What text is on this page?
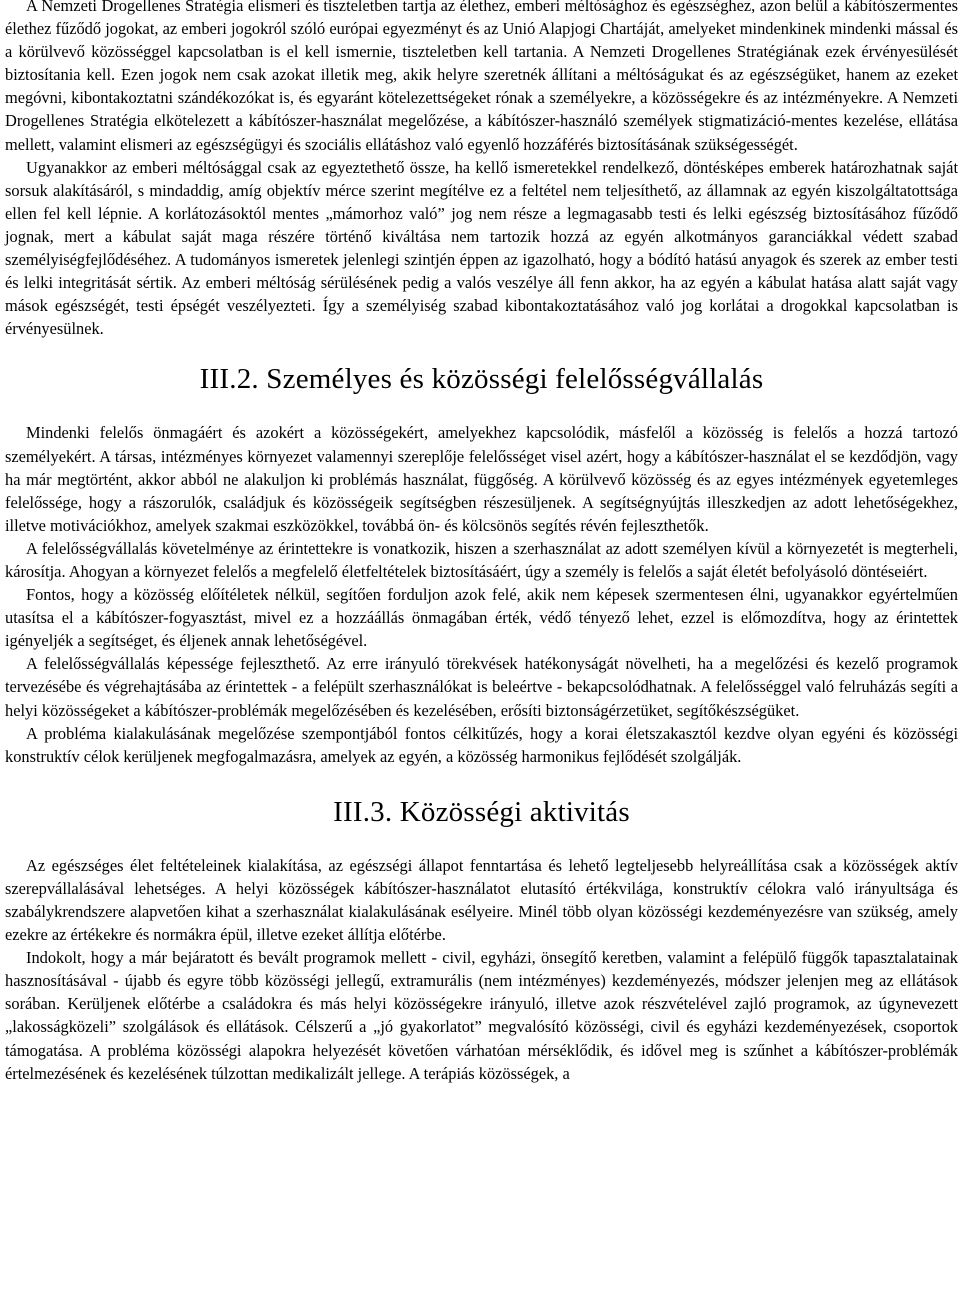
A Nemzeti Drogellenes Stratégia elismeri és tiszteletben tartja az élethez, emberi méltósághoz és egészséghez, azon belül a kábítószermentes élethez fűződő jogokat, az emberi jogokról szóló európai egyezményt és az Unió Alapjogi Chartáját, amelyeket mindenkinek mindenki mással és a körülvevő közösséggel kapcsolatban is el kell ismernie, tiszteletben kell tartania. A Nemzeti Drogellenes Stratégiának ezek érvényesülését biztosítania kell. Ezen jogok nem csak azokat illetik meg, akik helyre szeretnék állítani a méltóságukat és az egészségüket, hanem az ezeket megóvni, kibontakoztatni szándékozókat is, és egyaránt kötelezettségeket rónak a személyekre, a közösségekre és az intézményekre. A Nemzeti Drogellenes Stratégia elkötelezett a kábítószer-használat megelőzése, a kábítószer-használó személyek stigmatizáció-mentes kezelése, ellátása mellett, valamint elismeri az egészségügyi és szociális ellátáshoz való egyenlő hozzáférés biztosításának szükségességét.

Ugyanakkor az emberi méltósággal csak az egyeztethető össze, ha kellő ismeretekkel rendelkező, döntésképes emberek határozhatnak saját sorsuk alakításáról, s mindaddig, amíg objektív mérce szerint megítélve ez a feltétel nem teljesíthető, az államnak az egyén kiszolgáltatottsága ellen fel kell lépnie. A korlátozásoktól mentes „mámorhoz való” jog nem része a legmagasabb testi és lelki egészség biztosításához fűződő jognak, mert a kábulat saját maga részére történő kiváltása nem tartozik hozzá az egyén alkotmányos garanciákkal védett szabad személyiségfejlődéséhez. A tudományos ismeretek jelenlegi szintjén éppen az igazolható, hogy a bódító hatású anyagok és szerek az ember testi és lelki integritását sértik. Az emberi méltóság sérülésének pedig a valós veszélye áll fenn akkor, ha az egyén a kábulat hatása alatt saját vagy mások egészségét, testi épségét veszélyezteti. Így a személyiség szabad kibontakoztatásához való jog korlátai a drogokkal kapcsolatban is érvényesülnek.

III.2. Személyes és közösségi felelősségvállalás

Mindenki felelős önmagáért és azokért a közösségekért, amelyekhez kapcsolódik, másfelől a közösség is felelős a hozzá tartozó személyekért. A társas, intézményes környezet valamennyi szereplője felelősséget visel azért, hogy a kábítószer-használat el se kezdődjön, vagy ha már megtörtént, akkor abból ne alakuljon ki problémás használat, függőség. A körülvevő közösség és az egyes intézmények egyetemleges felelőssége, hogy a rászorulók, családjuk és közösségeik segítségben részesüljenek. A segítségnyújtás illeszkedjen az adott lehetőségekhez, illetve motivációkhoz, amelyek szakmai eszközökkel, továbbá ön- és kölcsönös segítés révén fejleszthetők.

A felelősségvállalás követelménye az érintettekre is vonatkozik, hiszen a szerhasználat az adott személyen kívül a környezetét is megterheli, károsítja. Ahogyan a környezet felelős a megfelelő életfeltételek biztosításáért, úgy a személy is felelős a saját életét befolyásoló döntéseiért.

Fontos, hogy a közösség előítéletek nélkül, segítően forduljon azok felé, akik nem képesek szermentesen élni, ugyanakkor egyértelműen utasítsa el a kábítószer-fogyasztást, mivel ez a hozzáállás önmagában érték, védő tényező lehet, ezzel is előmozdítva, hogy az érintettek igényeljék a segítséget, és éljenek annak lehetőségével.

A felelősségvállalás képessége fejleszthető. Az erre irányuló törekvések hatékonyságát növelheti, ha a megelőzési és kezelő programok tervezésébe és végrehajtásába az érintettek - a felépült szerhasználókat is beleértve - bekapcsolódhatnak. A felelősséggel való felruházás segíti a helyi közösségeket a kábítószer-problémák megelőzésében és kezelésében, erősíti biztonságérzetüket, segítőkészségüket.

A probléma kialakulásának megelőzése szempontjából fontos célkitűzés, hogy a korai életszakasztól kezdve olyan egyéni és közösségi konstruktív célok kerüljenek megfogalmazásra, amelyek az egyén, a közösség harmonikus fejlődését szolgálják.

III.3. Közösségi aktivitás

Az egészséges élet feltételeinek kialakítása, az egészségi állapot fenntartása és lehető legteljesebb helyreállítása csak a közösségek aktív szerepvállalásával lehetséges. A helyi közösségek kábítószer-használatot elutasító értékvilága, konstruktív célokra való irányultsága és szabálykrendszere alapvetően kihat a szerhasználat kialakulásának esélyeire. Minél több olyan közösségi kezdeményezésre van szükség, amely ezekre az értékekre és normákra épül, illetve ezeket állítja előtérbe.

Indokolt, hogy a már bejáratott és bevált programok mellett - civil, egyházi, önsegítő keretben, valamint a felépülő függők tapasztalatainak hasznosításával - újabb és egyre több közösségi jellegű, extramurális (nem intézményes) kezdeményezés, módszer jelenjen meg az ellátások sorában. Kerüljenek előtérbe a családokra és más helyi közösségekre irányuló, illetve azok részvételével zajló programok, az úgynevezett „lakosságközeli” szolgálások és ellátások. Célszerű a „jó gyakorlatot” megvalósító közösségi, civil és egyházi kezdeményezések, csoportok támogatása. A probléma közösségi alapokra helyezését követően várhatóan mérséklődik, és idővel meg is szűnhet a kábítószer-problémák értelmezésének és kezelésének túlzottan medikalizált jellege. A terápiás közösségek, a
